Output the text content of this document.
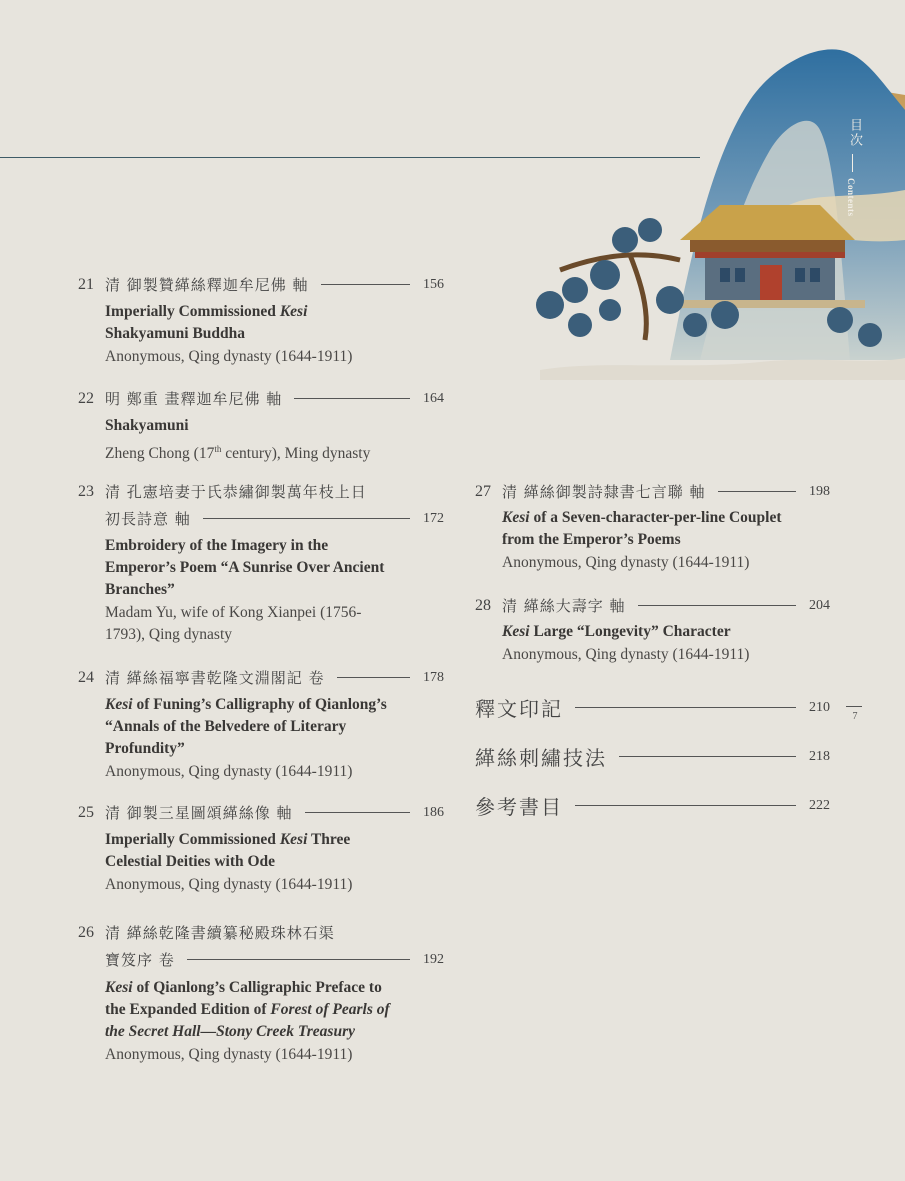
目次
Contents
21 清 御製贊緙絲釋迦牟尼佛 軸	156
Imperially Commissioned Kesi
Shakyamuni Buddha
Anonymous, Qing dynasty (1644-1911)
22 明 鄭重 畫釋迦牟尼佛 軸	164
Shakyamuni
Zheng Chong (17th century), Ming dynasty
23 清 孔憲培妻于氏恭繡御製萬年枝上日
初長詩意 軸	172
Embroidery of the Imagery in the Emperor’s Poem “A Sunrise Over Ancient Branches”
Madam Yu, wife of Kong Xianpei (1756-1793), Qing dynasty
24 清 緙絲福寧書乾隆文淵閣記 卷	178
Kesi of Funing’s Calligraphy of Qianlong’s “Annals of the Belvedere of Literary Profundity”
Anonymous, Qing dynasty (1644-1911)
25 清 御製三星圖頌緙絲像 軸	186
Imperially Commissioned Kesi Three Celestial Deities with Ode
Anonymous, Qing dynasty (1644-1911)
26 清 緙絲乾隆書續纂秘殿珠林石渠
寶笈序 卷	192
Kesi of Qianlong’s Calligraphic Preface to the Expanded Edition of Forest of Pearls of the Secret Hall—Stony Creek Treasury
Anonymous, Qing dynasty (1644-1911)
27 清 緙絲御製詩隸書七言聯 軸	198
Kesi of a Seven-character-per-line Couplet from the Emperor’s Poems
Anonymous, Qing dynasty (1644-1911)
28 清 緙絲大壽字 軸	204
Kesi Large “Longevity” Character
Anonymous, Qing dynasty (1644-1911)
釋文印記	210
緙絲刺繡技法	218
參考書目	222
7
